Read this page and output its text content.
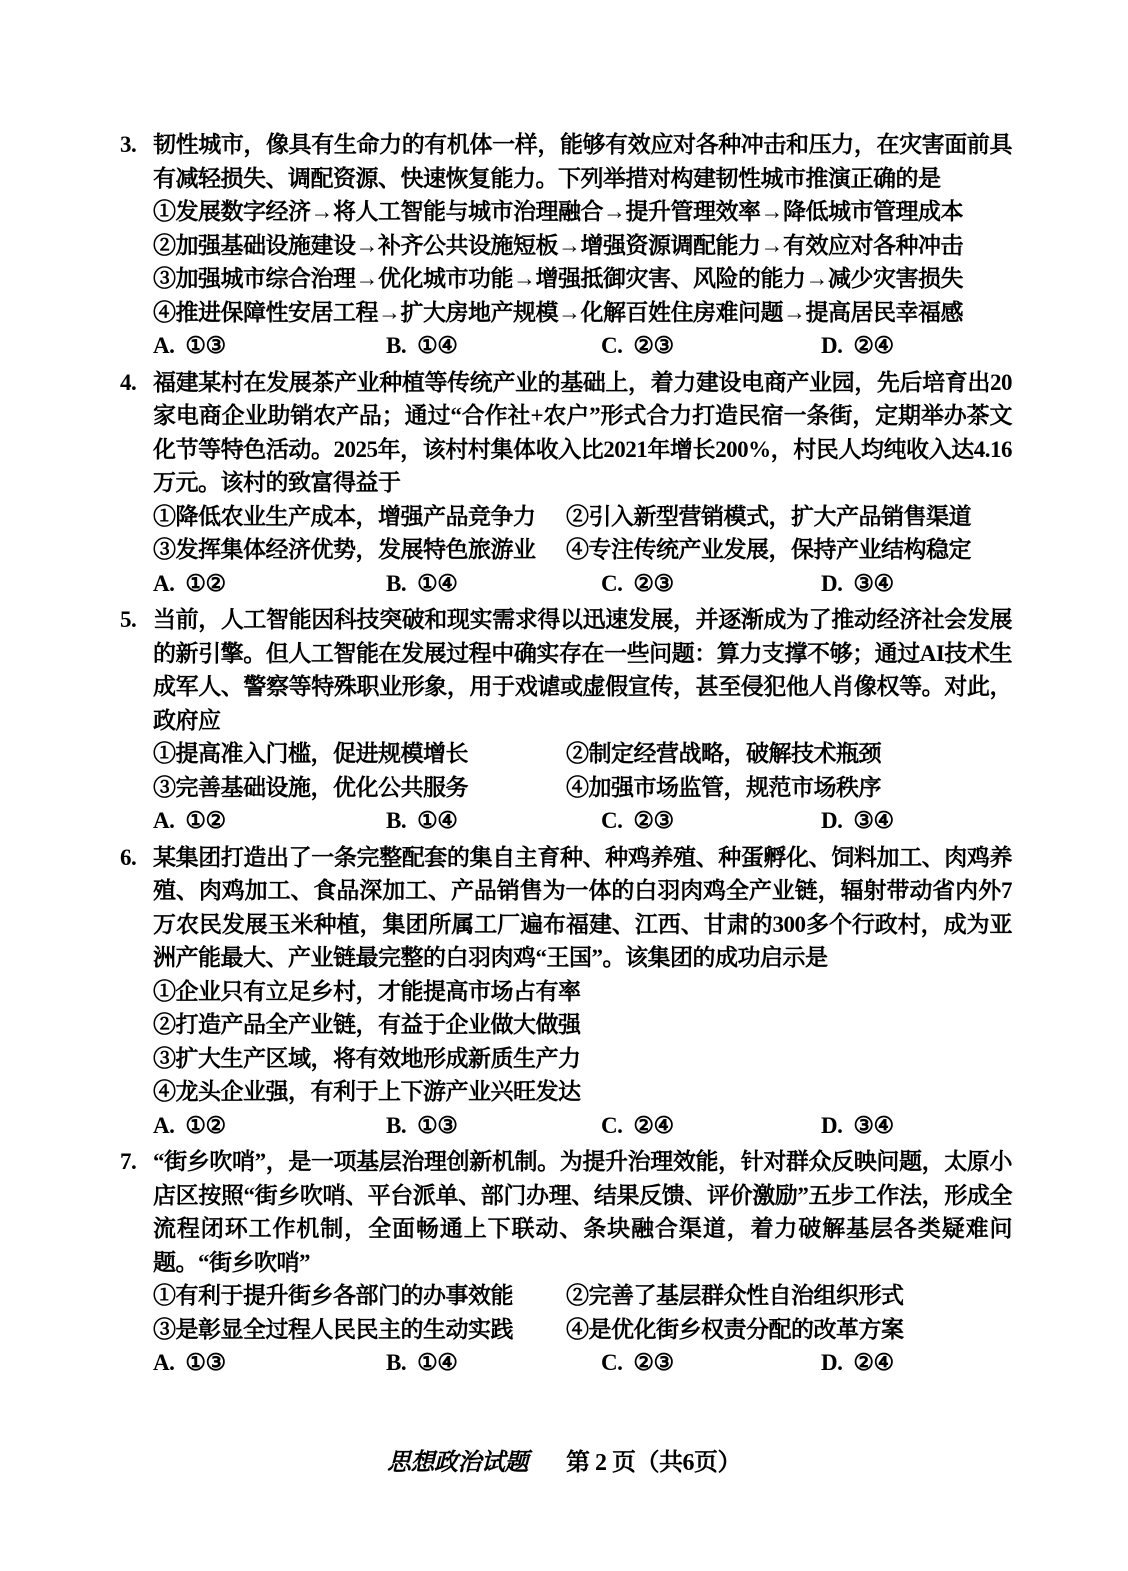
3. 韧性城市，像具有生命力的有机体一样，能够有效应对各种冲击和压力，在灾害面前具有减轻损失、调配资源、快速恢复能力。下列举措对构建韧性城市推演正确的是
①发展数字经济→将人工智能与城市治理融合→提升管理效率→降低城市管理成本
②加强基础设施建设→补齐公共设施短板→增强资源调配能力→有效应对各种冲击
③加强城市综合治理→优化城市功能→增强抵御灾害、风险的能力→减少灾害损失
④推进保障性安居工程→扩大房地产规模→化解百姓住房难问题→提高居民幸福感
A. ①③	B. ①④	C. ②③	D. ②④
4. 福建某村在发展茶产业种植等传统产业的基础上，着力建设电商产业园，先后培育出20家电商企业助销农产品；通过“合作社+农户”形式合力打造民宿一条街，定期举办茶文化节等特色活动。2025年，该村村集体收入比2021年增长200%，村民人均纯收入达4.16万元。该村的致富得益于
①降低农业生产成本，增强产品竞争力	②引入新型营销模式，扩大产品销售渠道
③发挥集体经济优势，发展特色旅游业	④专注传统产业发展，保持产业结构稳定
A. ①②	B. ①④	C. ②③	D. ③④
5. 当前，人工智能因科技突破和现实需求得以迅速发展，并逐渐成为了推动经济社会发展的新引擎。但人工智能在发展过程中确实存在一些问题：算力支撑不够；通过AI技术生成军人、警察等特殊职业形象，用于戏谑或虚假宣传，甚至侵犯他人肖像权等。对此，政府应
①提高准入门槛，促进规模增长	②制定经营战略，破解技术瓶颈
③完善基础设施，优化公共服务	④加强市场监管，规范市场秩序
A. ①②	B. ①④	C. ②③	D. ③④
6. 某集团打造出了一条完整配套的集自主育种、种鸡养殖、种蛋孵化、饲料加工、肉鸡养殖、肉鸡加工、食品深加工、产品销售为一体的白羽肉鸡全产业链，辐射带动省内外7万农民发展玉米种植，集团所属工厂遍布福建、江西、甘肃的300多个行政村，成为亚洲产能最大、产业链最完整的白羽肉鸡“王国”。该集团的成功启示是
①企业只有立足乡村，才能提高市场占有率
②打造产品全产业链，有益于企业做大做强
③扩大生产区域，将有效地形成新质生产力
④龙头企业强，有利于上下游产业兴旺发达
A. ①②	B. ①③	C. ②④	D. ③④
7. “街乡吹哨”，是一项基层治理创新机制。为提升治理效能，针对群众反映问题，太原小店区按照“街乡吹哨、平台派单、部门办理、结果反馈、评价激励”五步工作法，形成全流程闭环工作机制，全面畅通上下联动、条块融合渠道，着力破解基层各类疑难问题。“街乡吹哨”
①有利于提升街乡各部门的办事效能	②完善了基层群众性自治组织形式
③是彰显全过程人民民主的生动实践	④是优化街乡权责分配的改革方案
A. ①③	B. ①④	C. ②③	D. ②④
思想政治试题 第 2 页（共6页）
